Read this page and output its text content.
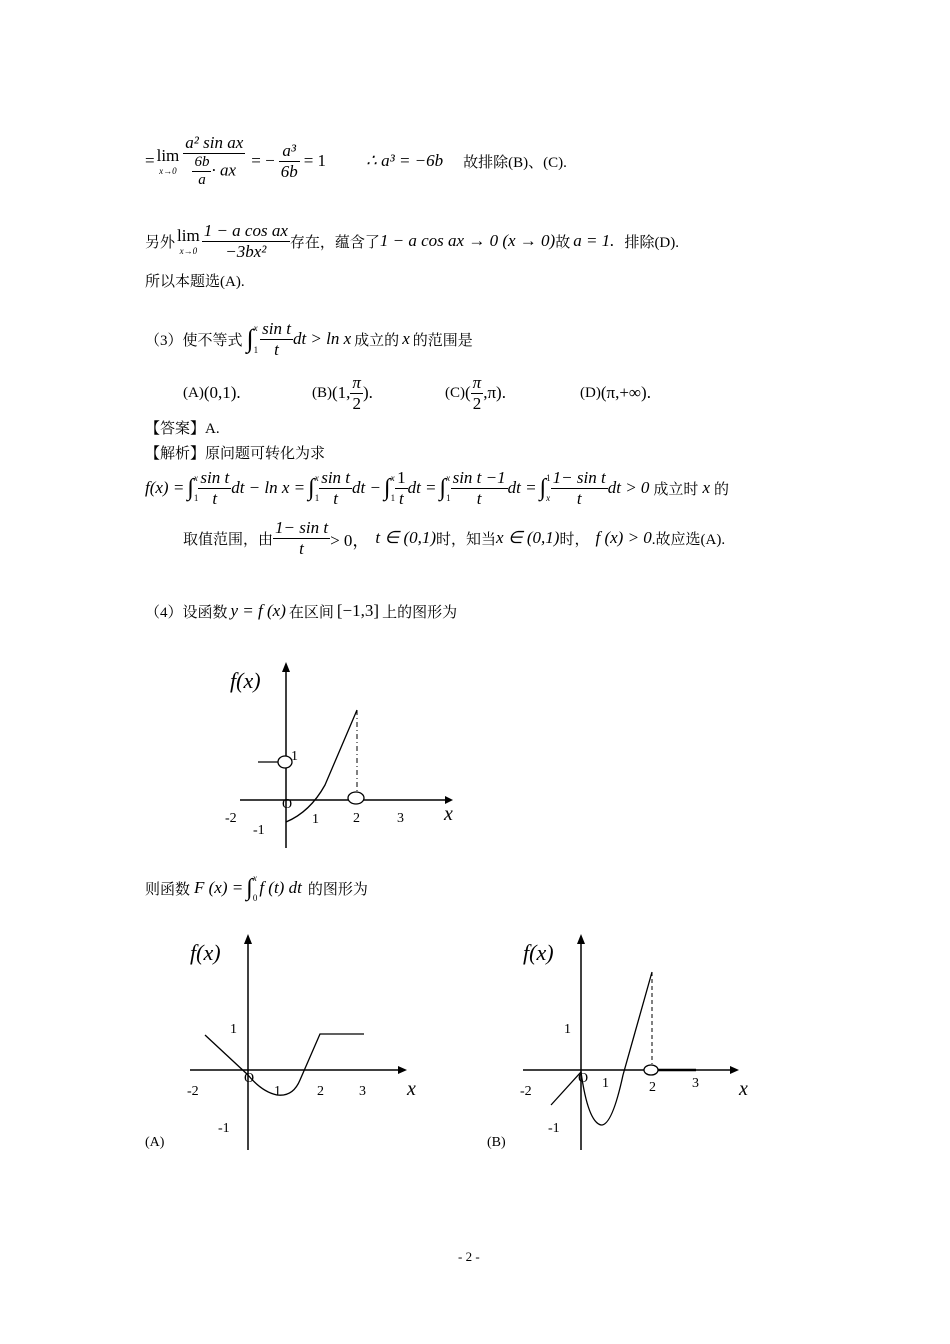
= lim
$x\to 0 \frac{\text{a² sin ax}}{\frac{6b}{a} \cdot ax}$ = − $\frac{\text{a³}}{6b} = 1$ ∴ a³ = −6b 故排除(B)、(C).
另外 lim
$x\to 0 \frac{\text{1 − a cos ax}}{\text{−3bx²}}$ 存在，蕴含了 1 − a cos ax → 0 (x → 0) 故 a = 1. 排除(D).
所以本题选(A).
（3）使不等式 ∫ x
$1 \frac{\text{sin t}}{t}$ dt > ln x 成立的 x 的范围是
(A) (0,1).	(B) (1, $\frac{\pi}{2}$ ).	(C) ( $\frac{\pi}{2} ,\pi$).	(D) (π,+∞).
【答案】A.
【解析】原问题可转化为求
f(x) = ∫ x
$1 \frac{\text{sin t}}{t}$ dt − ln x = ∫ x
$1 \frac{\text{sin t}}{t}$ dt − ∫ x
$1 \frac{1}{t}$ dt = ∫ x
$1 \frac{\text{sin t −1}}{t}$ dt = ∫ 1
x $\frac{\text{1− sin t}}{t}$ dt > 0 成立时 x 的
取值范围，由 $\frac{\text{1− sin t}}{t} > 0$， t ∈ (0,1) 时，知当 x ∈ (0,1) 时， f (x) > 0 .故应选(A).
（4）设函数 y = f (x) 在区间 [−1,3] 上的图形为
f(x)
x
-2
O
1 2	3
-1
1
则函数 F (x) = ∫ x
0
f (t) dt 的图形为
f(x)
x
-2
O
1	2	3
1
-1
(A)
f(x)
x
-2
O 1	2	3
1
-1
(B)
- 2 -
